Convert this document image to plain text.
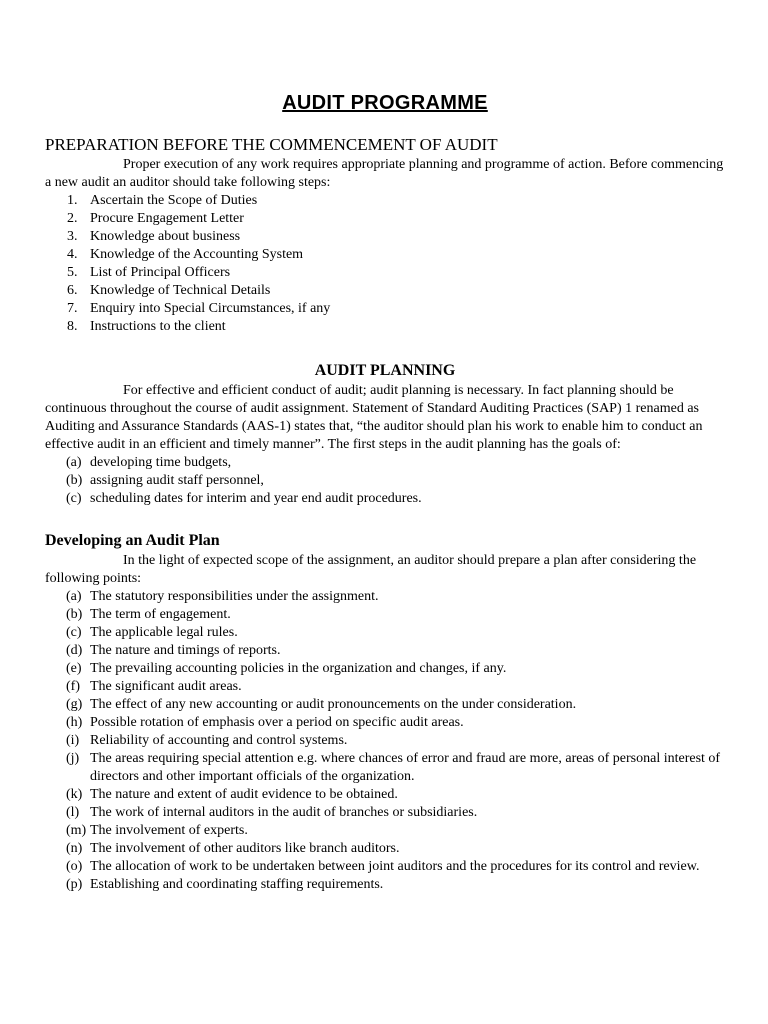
AUDIT PROGRAMME
PREPARATION BEFORE THE COMMENCEMENT OF AUDIT

Proper execution of any work requires appropriate planning and programme of action. Before commencing a new audit an auditor should take following steps:

1. Ascertain the Scope of Duties
2. Procure Engagement Letter
3. Knowledge about business
4. Knowledge of the Accounting System
5. List of Principal Officers
6. Knowledge of Technical Details
7. Enquiry into Special Circumstances, if any
8. Instructions to the client
AUDIT PLANNING

For effective and efficient conduct of audit; audit planning is necessary. In fact planning should be continuous throughout the course of audit assignment. Statement of Standard Auditing Practices (SAP) 1 renamed as Auditing and Assurance Standards (AAS-1) states that, “the auditor should plan his work to enable him to conduct an effective audit in an efficient and timely manner”. The first steps in the audit planning has the goals of:

(a) developing time budgets,
(b) assigning audit staff personnel,
(c) scheduling dates for interim and year end audit procedures.
Developing an Audit Plan

In the light of expected scope of the assignment, an auditor should prepare a plan after considering the following points:

(a) The statutory responsibilities under the assignment.
(b) The term of engagement.
(c) The applicable legal rules.
(d) The nature and timings of reports.
(e) The prevailing accounting policies in the organization and changes, if any.
(f) The significant audit areas.
(g) The effect of any new accounting or audit pronouncements on the under consideration.
(h) Possible rotation of emphasis over a period on specific audit areas.
(i) Reliability of accounting and control systems.
(j) The areas requiring special attention e.g. where chances of error and fraud are more, areas of personal interest of directors and other important officials of the organization.
(k) The nature and extent of audit evidence to be obtained.
(l) The work of internal auditors in the audit of branches or subsidiaries.
(m) The involvement of experts.
(n) The involvement of other auditors like branch auditors.
(o) The allocation of work to be undertaken between joint auditors and the procedures for its control and review.
(p) Establishing and coordinating staffing requirements.
